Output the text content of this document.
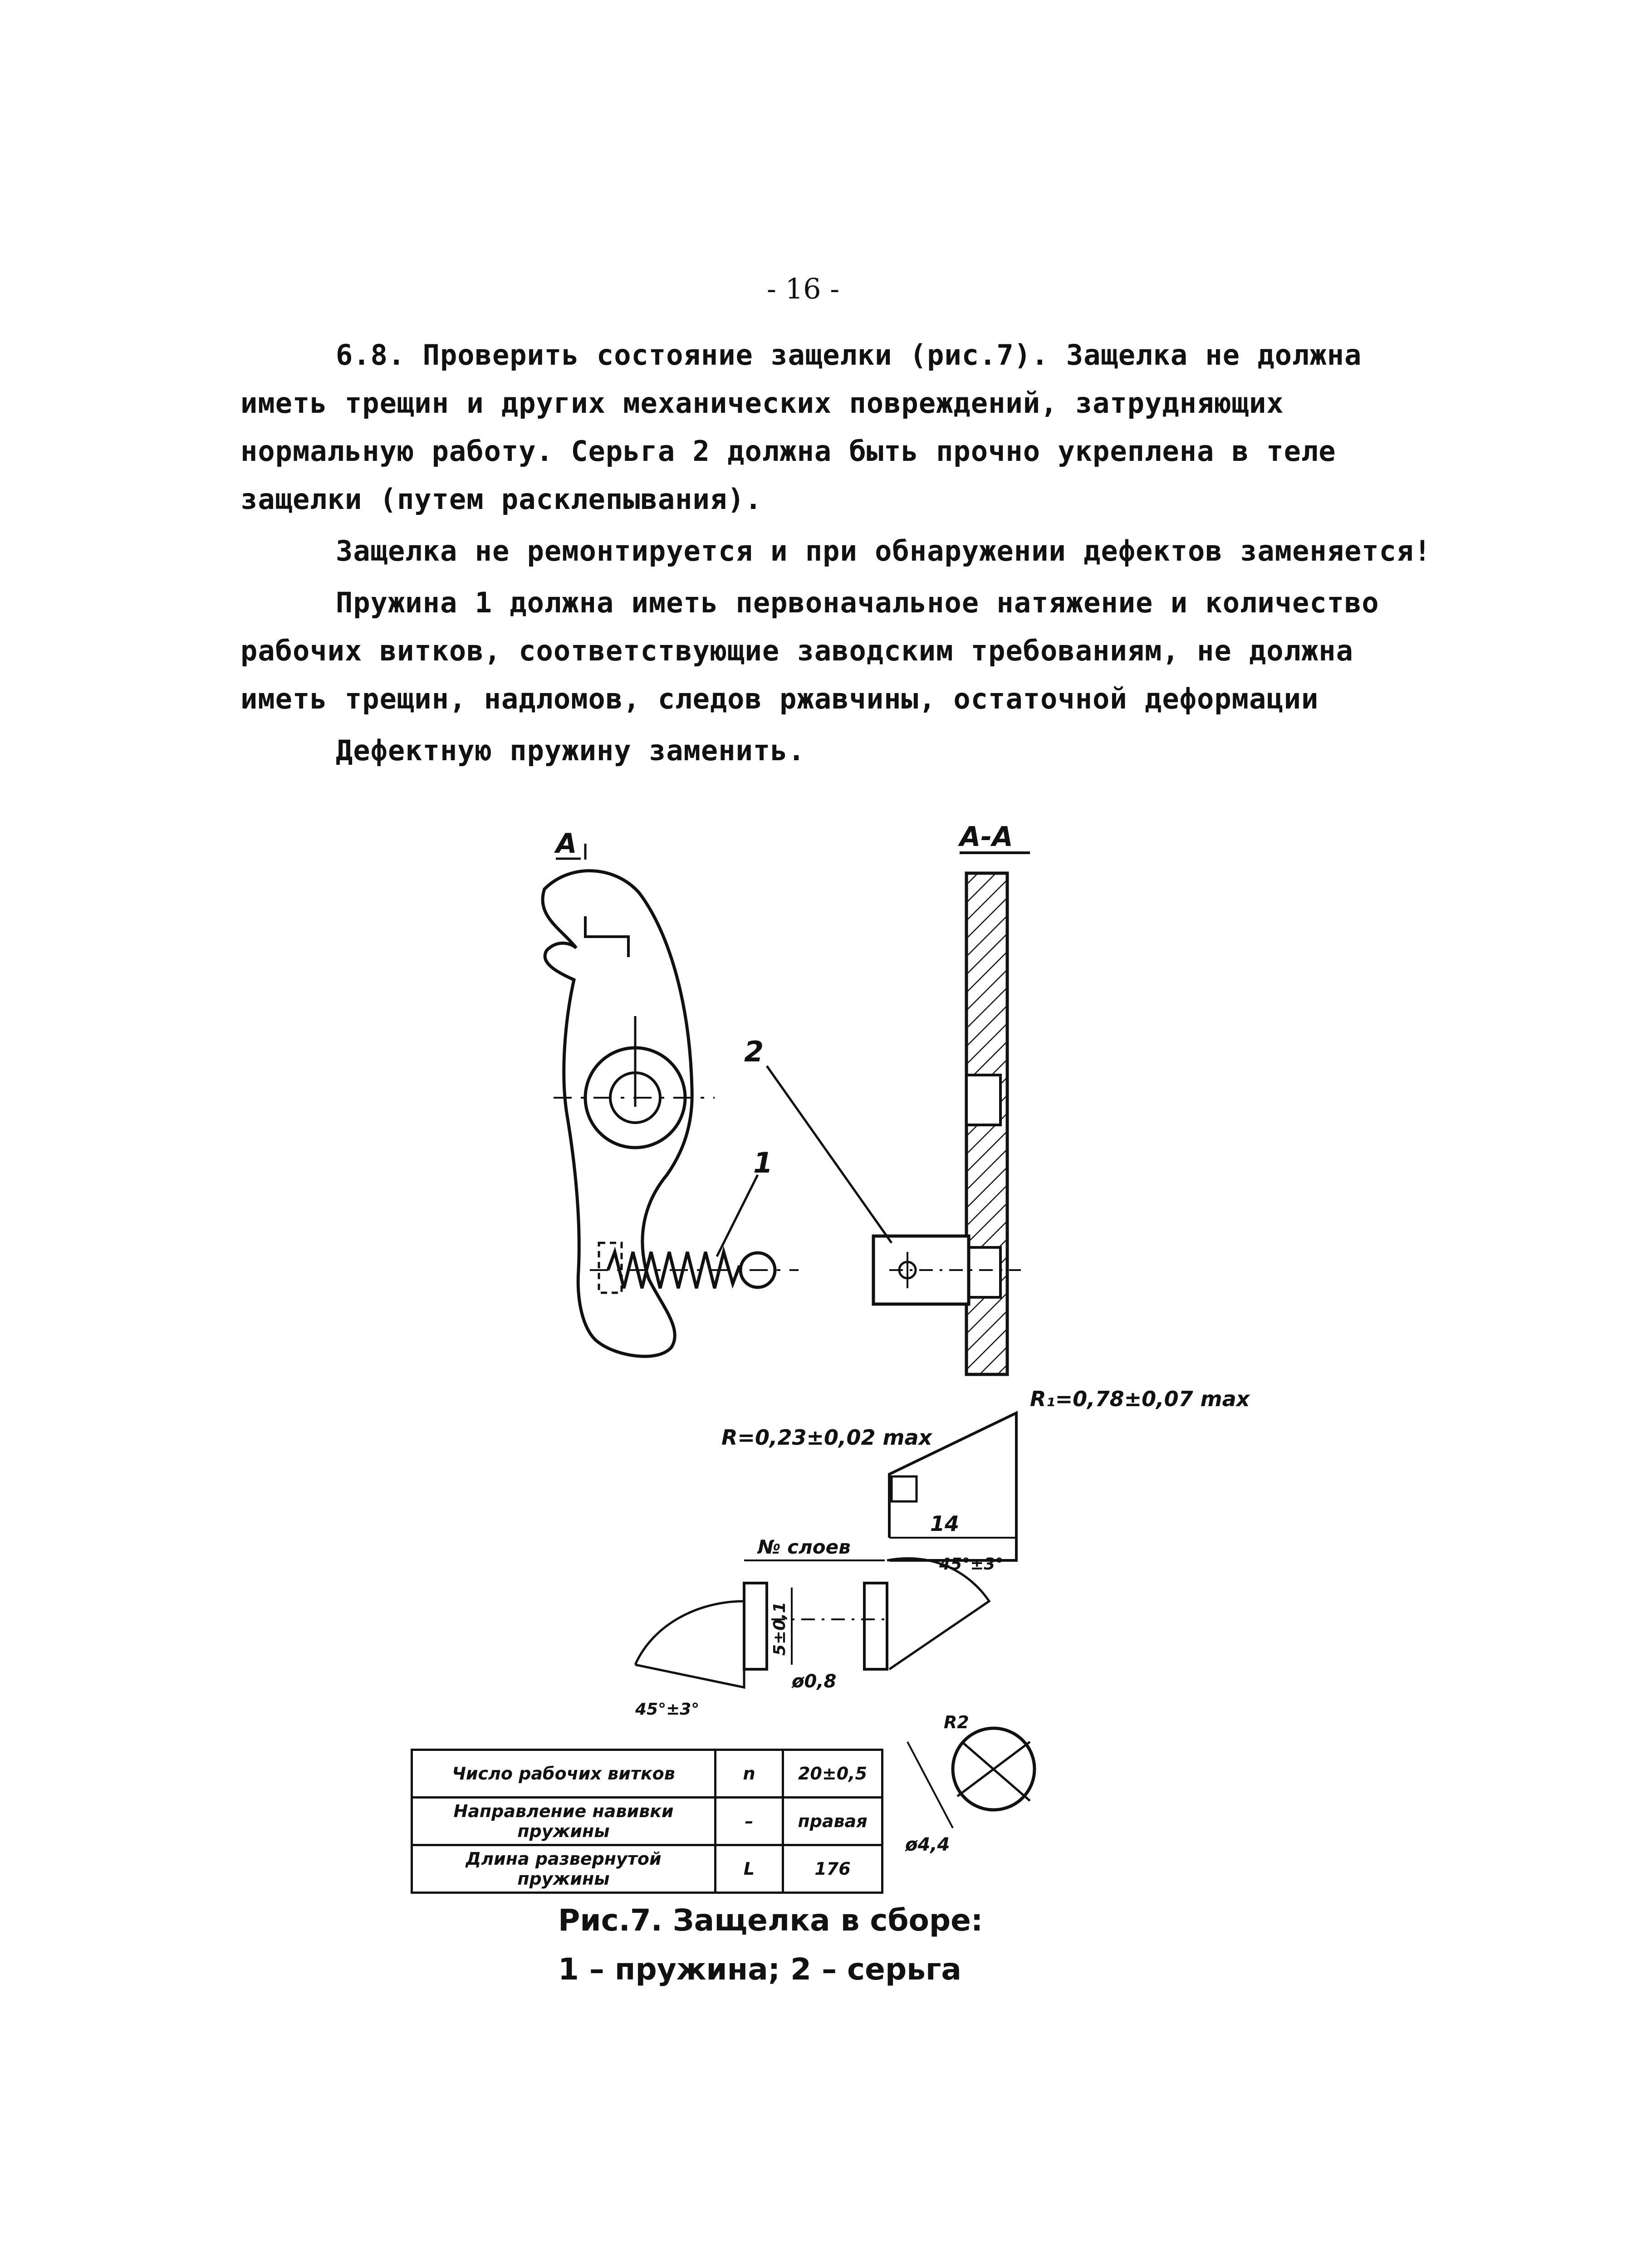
- 16 -

6.8. Проверить состояние защелки (рис.7). Защелка не должна иметь трещин и других механических повреждений, затрудняющих нормальную работу. Серьга 2 должна быть прочно укреплена в теле защелки (путем расклепывания).

Защелка не ремонтируется и при обнаружении дефектов заменяется!

Пружина 1 должна иметь первоначальное натяжение и количество рабочих витков, соответствующие заводским требованиям, не должна иметь трещин, надломов, следов ржавчины, остаточной деформации

Дефектную пружину заменить.

А
1
А-А
2
R=0,23±0,02 max
R₁=0,78±0,07 max
14
№ слоев
5±0,1
ø0,8
45°±3°
45°±3°
ø4,4
R2
Число рабочих витков	n	20±0,5
Направление навивки пружины	–	правая
Длина развернутой пружины	L	176
Рис.7. Защелка в сборе:
1 – пружина; 2 – серьга
